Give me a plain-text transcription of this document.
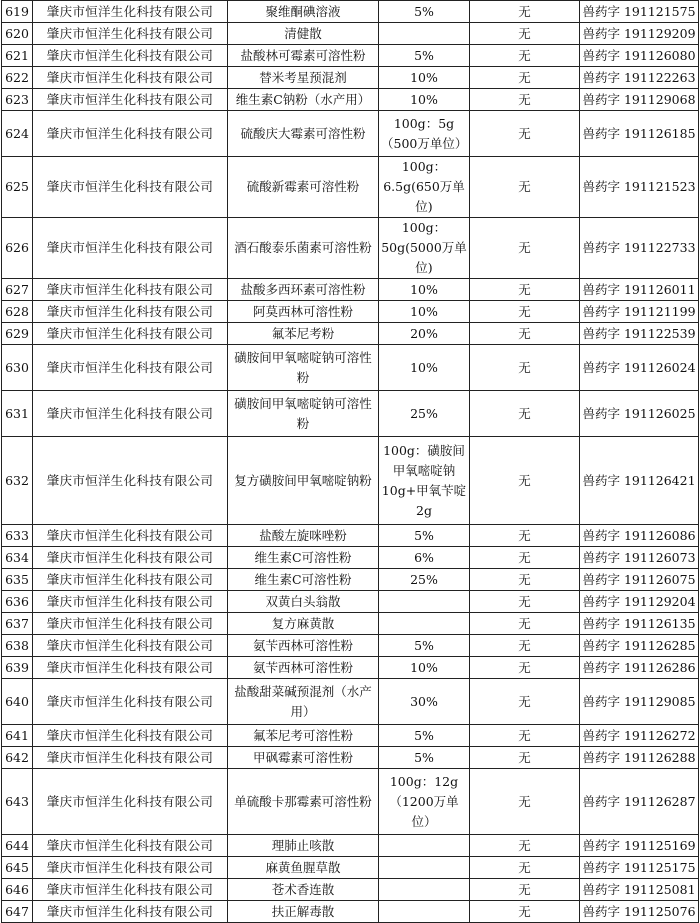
619	肇庆市恒洋生化科技有限公司	聚维酮碘溶液	5%	无	兽药字 191121575
620	肇庆市恒洋生化科技有限公司	清健散		无	兽药字 191129209
621	肇庆市恒洋生化科技有限公司	盐酸林可霉素可溶性粉	5%	无	兽药字 191126080
622	肇庆市恒洋生化科技有限公司	替米考星预混剂	10%	无	兽药字 191122263
623	肇庆市恒洋生化科技有限公司	维生素C钠粉（水产用）	10%	无	兽药字 191129068
624	肇庆市恒洋生化科技有限公司	硫酸庆大霉素可溶性粉	100g：5g（500万单位）	无	兽药字 191126185
625	肇庆市恒洋生化科技有限公司	硫酸新霉素可溶性粉	100g：6.5g(650万单位)	无	兽药字 191121523
626	肇庆市恒洋生化科技有限公司	酒石酸泰乐菌素可溶性粉	100g：50g(5000万单位)	无	兽药字 191122733
627	肇庆市恒洋生化科技有限公司	盐酸多西环素可溶性粉	10%	无	兽药字 191126011
628	肇庆市恒洋生化科技有限公司	阿莫西林可溶性粉	10%	无	兽药字 191121199
629	肇庆市恒洋生化科技有限公司	氟苯尼考粉	20%	无	兽药字 191122539
630	肇庆市恒洋生化科技有限公司	磺胺间甲氧嘧啶钠可溶性粉	10%	无	兽药字 191126024
631	肇庆市恒洋生化科技有限公司	磺胺间甲氧嘧啶钠可溶性粉	25%	无	兽药字 191126025
632	肇庆市恒洋生化科技有限公司	复方磺胺间甲氧嘧啶钠粉	100g：磺胺间甲氧嘧啶钠10g+甲氧苄啶2g	无	兽药字 191126421
633	肇庆市恒洋生化科技有限公司	盐酸左旋咪唑粉	5%	无	兽药字 191126086
634	肇庆市恒洋生化科技有限公司	维生素C可溶性粉	6%	无	兽药字 191126073
635	肇庆市恒洋生化科技有限公司	维生素C可溶性粉	25%	无	兽药字 191126075
636	肇庆市恒洋生化科技有限公司	双黄白头翁散		无	兽药字 191129204
637	肇庆市恒洋生化科技有限公司	复方麻黄散		无	兽药字 191126135
638	肇庆市恒洋生化科技有限公司	氨苄西林可溶性粉	5%	无	兽药字 191126285
639	肇庆市恒洋生化科技有限公司	氨苄西林可溶性粉	10%	无	兽药字 191126286
640	肇庆市恒洋生化科技有限公司	盐酸甜菜碱预混剂（水产用）	30%	无	兽药字 191129085
641	肇庆市恒洋生化科技有限公司	氟苯尼考可溶性粉	5%	无	兽药字 191126272
642	肇庆市恒洋生化科技有限公司	甲砜霉素可溶性粉	5%	无	兽药字 191126288
643	肇庆市恒洋生化科技有限公司	单硫酸卡那霉素可溶性粉	100g：12g（1200万单位）	无	兽药字 191126287
644	肇庆市恒洋生化科技有限公司	理肺止咳散		无	兽药字 191125169
645	肇庆市恒洋生化科技有限公司	麻黄鱼腥草散		无	兽药字 191125175
646	肇庆市恒洋生化科技有限公司	苍术香连散		无	兽药字 191125081
647	肇庆市恒洋生化科技有限公司	扶正解毒散		无	兽药字 191125076
